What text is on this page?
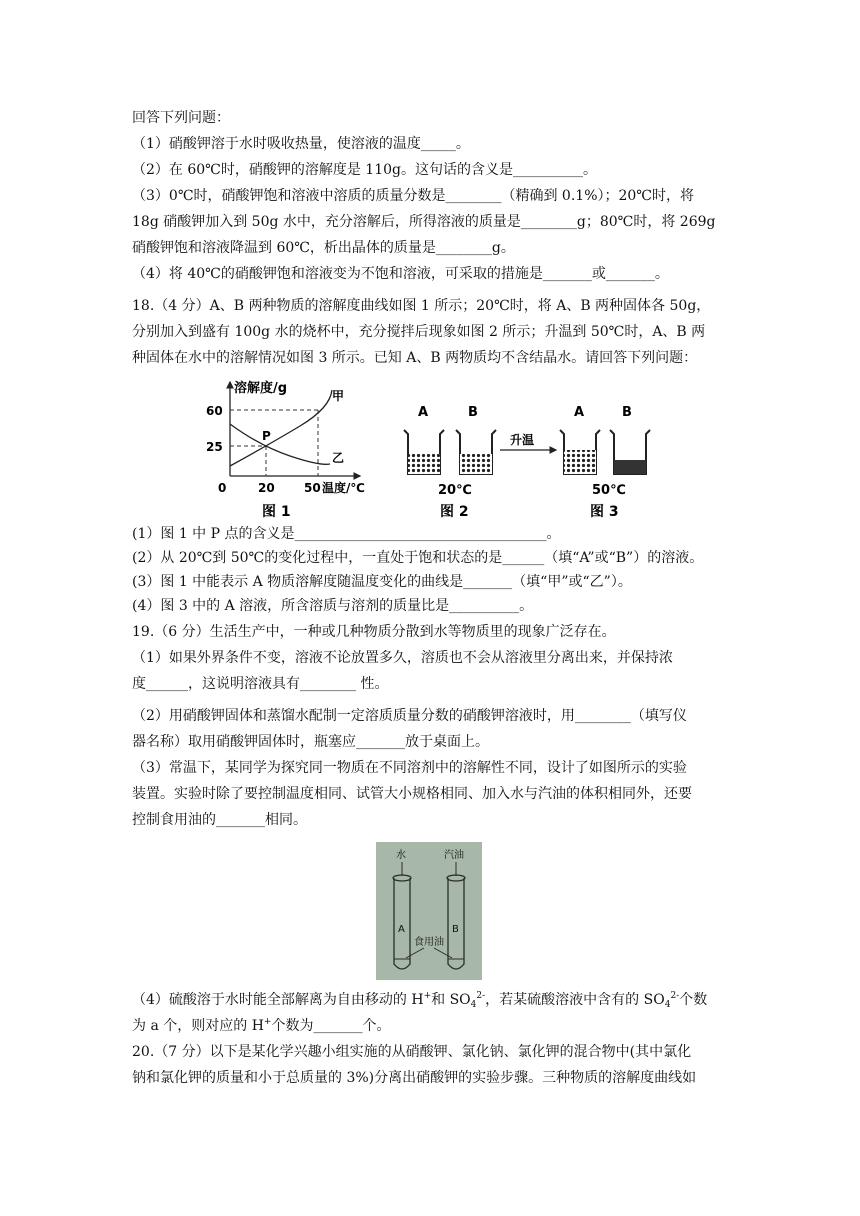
回答下列问题：
（1）硝酸钾溶于水时吸收热量，使溶液的温度_____。
（2）在 60℃时，硝酸钾的溶解度是 110g。这句话的含义是__________。
（3）0℃时，硝酸钾饱和溶液中溶质的质量分数是________（精确到 0.1%）；20℃时，将
18g 硝酸钾加入到 50g 水中，充分溶解后，所得溶液的质量是________g；80℃时，将 269g
硝酸钾饱和溶液降温到 60℃，析出晶体的质量是________g。
（4）将 40℃的硝酸钾饱和溶液变为不饱和溶液，可采取的措施是_______或_______。
18.（4 分）A、B 两种物质的溶解度曲线如图 1 所示；20℃时，将 A、B 两种固体各 50g，
分别加入到盛有 100g 水的烧杯中，充分搅拌后现象如图 2 所示；升温到 50℃时，A、B 两
种固体在水中的溶解情况如图 3 所示。已知 A、B 两物质均不含结晶水。请回答下列问题：
溶解度/g
温度/℃
60
25
0	20 50
甲
乙
P
图 1
升温
A	B	A	B
20℃	50℃
图 2	图 3
(1）图 1 中 P 点的含义是____________________________________。
(2）从 20℃到 50℃的变化过程中，一直处于饱和状态的是______（填“A”或“B”）的溶液。
(3）图 1 中能表示 A 物质溶解度随温度变化的曲线是_______（填“甲”或“乙”）。
(4）图 3 中的 A 溶液，所含溶质与溶剂的质量比是__________。
19.（6 分）生活生产中，一种或几种物质分散到水等物质里的现象广泛存在。
（1）如果外界条件不变，溶液不论放置多久，溶质也不会从溶液里分离出来，并保持浓
度______，这说明溶液具有________ 性。
（2）用硝酸钾固体和蒸馏水配制一定溶质质量分数的硝酸钾溶液时，用________（填写仪
器名称）取用硝酸钾固体时，瓶塞应_______放于桌面上。
（3）常温下，某同学为探究同一物质在不同溶剂中的溶解性不同，设计了如图所示的实验
装置。实验时除了要控制温度相同、试管大小规格相同、加入水与汽油的体积相同外，还要
控制食用油的_______相同。
水	汽油
A	B
食用油
（4）硫酸溶于水时能全部解离为自由移动的 H+和 $SO_4^{2-}$，若某硫酸溶液中含有的 $SO_4^{2-}$个数
为 a 个，则对应的 H+个数为_______个。
20.（7 分）以下是某化学兴趣小组实施的从硝酸钾、氯化钠、氯化钾的混合物中(其中氯化
钠和氯化钾的质量和小于总质量的 3%)分离出硝酸钾的实验步骤。三种物质的溶解度曲线如
